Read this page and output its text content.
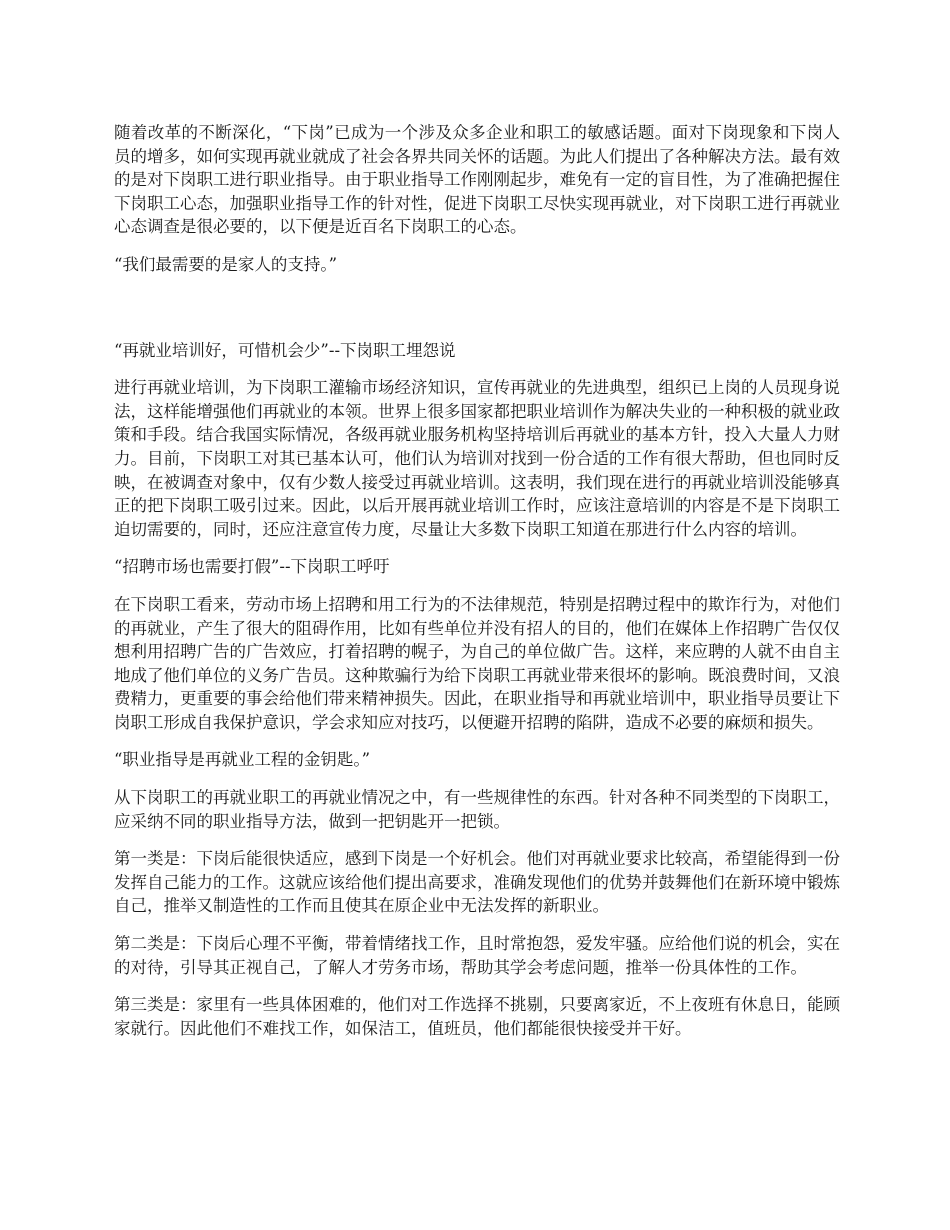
随着改革的不断深化，“下岗”已成为一个涉及众多企业和职工的敏感话题。面对下岗现象和下岗人员的增多，如何实现再就业就成了社会各界共同关怀的话题。为此人们提出了各种解决方法。最有效的是对下岗职工进行职业指导。由于职业指导工作刚刚起步，难免有一定的盲目性，为了准确把握住下岗职工心态，加强职业指导工作的针对性，促进下岗职工尽快实现再就业，对下岗职工进行再就业心态调查是很必要的，以下便是近百名下岗职工的心态。

“我们最需要的是家人的支持。”

“再就业培训好，可惜机会少”--下岗职工埋怨说

进行再就业培训，为下岗职工灌输市场经济知识，宣传再就业的先进典型，组织已上岗的人员现身说法，这样能增强他们再就业的本领。世界上很多国家都把职业培训作为解决失业的一种积极的就业政策和手段。结合我国实际情况，各级再就业服务机构坚持培训后再就业的基本方针，投入大量人力财力。目前，下岗职工对其已基本认可，他们认为培训对找到一份合适的工作有很大帮助，但也同时反映，在被调查对象中，仅有少数人接受过再就业培训。这表明，我们现在进行的再就业培训没能够真正的把下岗职工吸引过来。因此，以后开展再就业培训工作时，应该注意培训的内容是不是下岗职工迫切需要的，同时，还应注意宣传力度，尽量让大多数下岗职工知道在那进行什么内容的培训。

“招聘市场也需要打假”--下岗职工呼吁

在下岗职工看来，劳动市场上招聘和用工行为的不法律规范，特别是招聘过程中的欺诈行为，对他们的再就业，产生了很大的阻碍作用，比如有些单位并没有招人的目的，他们在媒体上作招聘广告仅仅想利用招聘广告的广告效应，打着招聘的幌子，为自己的单位做广告。这样，来应聘的人就不由自主地成了他们单位的义务广告员。这种欺骗行为给下岗职工再就业带来很坏的影响。既浪费时间，又浪费精力，更重要的事会给他们带来精神损失。因此，在职业指导和再就业培训中，职业指导员要让下岗职工形成自我保护意识，学会求知应对技巧，以便避开招聘的陷阱，造成不必要的麻烦和损失。

“职业指导是再就业工程的金钥匙。”

从下岗职工的再就业职工的再就业情况之中，有一些规律性的东西。针对各种不同类型的下岗职工，应采纳不同的职业指导方法，做到一把钥匙开一把锁。

第一类是：下岗后能很快适应，感到下岗是一个好机会。他们对再就业要求比较高，希望能得到一份发挥自己能力的工作。这就应该给他们提出高要求，准确发现他们的优势并鼓舞他们在新环境中锻炼自己，推举又制造性的工作而且使其在原企业中无法发挥的新职业。

第二类是：下岗后心理不平衡，带着情绪找工作，且时常抱怨，爱发牢骚。应给他们说的机会，实在的对待，引导其正视自己，了解人才劳务市场，帮助其学会考虑问题，推举一份具体性的工作。

第三类是：家里有一些具体困难的，他们对工作选择不挑剔，只要离家近，不上夜班有休息日，能顾家就行。因此他们不难找工作，如保洁工，值班员，他们都能很快接受并干好。
